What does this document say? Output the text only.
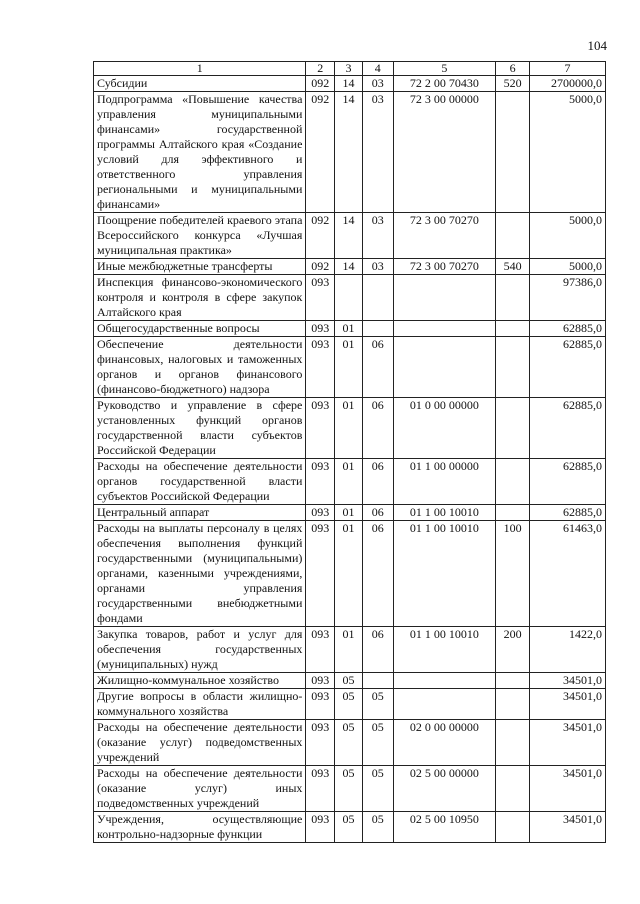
104
1	2	3	4	5	6	7
Субсидии	092	14	03	72 2 00 70430	520	2700000,0
Подпрограмма «Повышение качества управления муниципальными финансами» государственной программы Алтайского края «Создание условий для эффективного и ответственного управления региональными и муниципальными финансами»	092	14	03	72 3 00 00000		5000,0
Поощрение победителей краевого этапа Всероссийского конкурса «Лучшая муниципальная практика»	092	14	03	72 3 00 70270		5000,0
Иные межбюджетные трансферты	092	14	03	72 3 00 70270	540	5000,0
Инспекция финансово-экономического контроля и контроля в сфере закупок Алтайского края	093					97386,0
Общегосударственные вопросы	093	01				62885,0
Обеспечение деятельности финансовых, налоговых и таможенных органов и органов финансового (финансово-бюджетного) надзора	093	01	06			62885,0
Руководство и управление в сфере установленных функций органов государственной власти субъектов Российской Федерации	093	01	06	01 0 00 00000		62885,0
Расходы на обеспечение деятельности органов государственной власти субъектов Российской Федерации	093	01	06	01 1 00 00000		62885,0
Центральный аппарат	093	01	06	01 1 00 10010		62885,0
Расходы на выплаты персоналу в целях обеспечения выполнения функций государственными (муниципальными) органами, казенными учреждениями, органами управления государственными внебюджетными фондами	093	01	06	01 1 00 10010	100	61463,0
Закупка товаров, работ и услуг для обеспечения государственных (муниципальных) нужд	093	01	06	01 1 00 10010	200	1422,0
Жилищно-коммунальное хозяйство	093	05				34501,0
Другие вопросы в области жилищно-коммунального хозяйства	093	05	05			34501,0
Расходы на обеспечение деятельности (оказание услуг) подведомственных учреждений	093	05	05	02 0 00 00000		34501,0
Расходы на обеспечение деятельности (оказание услуг) иных подведомственных учреждений	093	05	05	02 5 00 00000		34501,0
Учреждения, осуществляющие контрольно-надзорные функции	093	05	05	02 5 00 10950		34501,0
